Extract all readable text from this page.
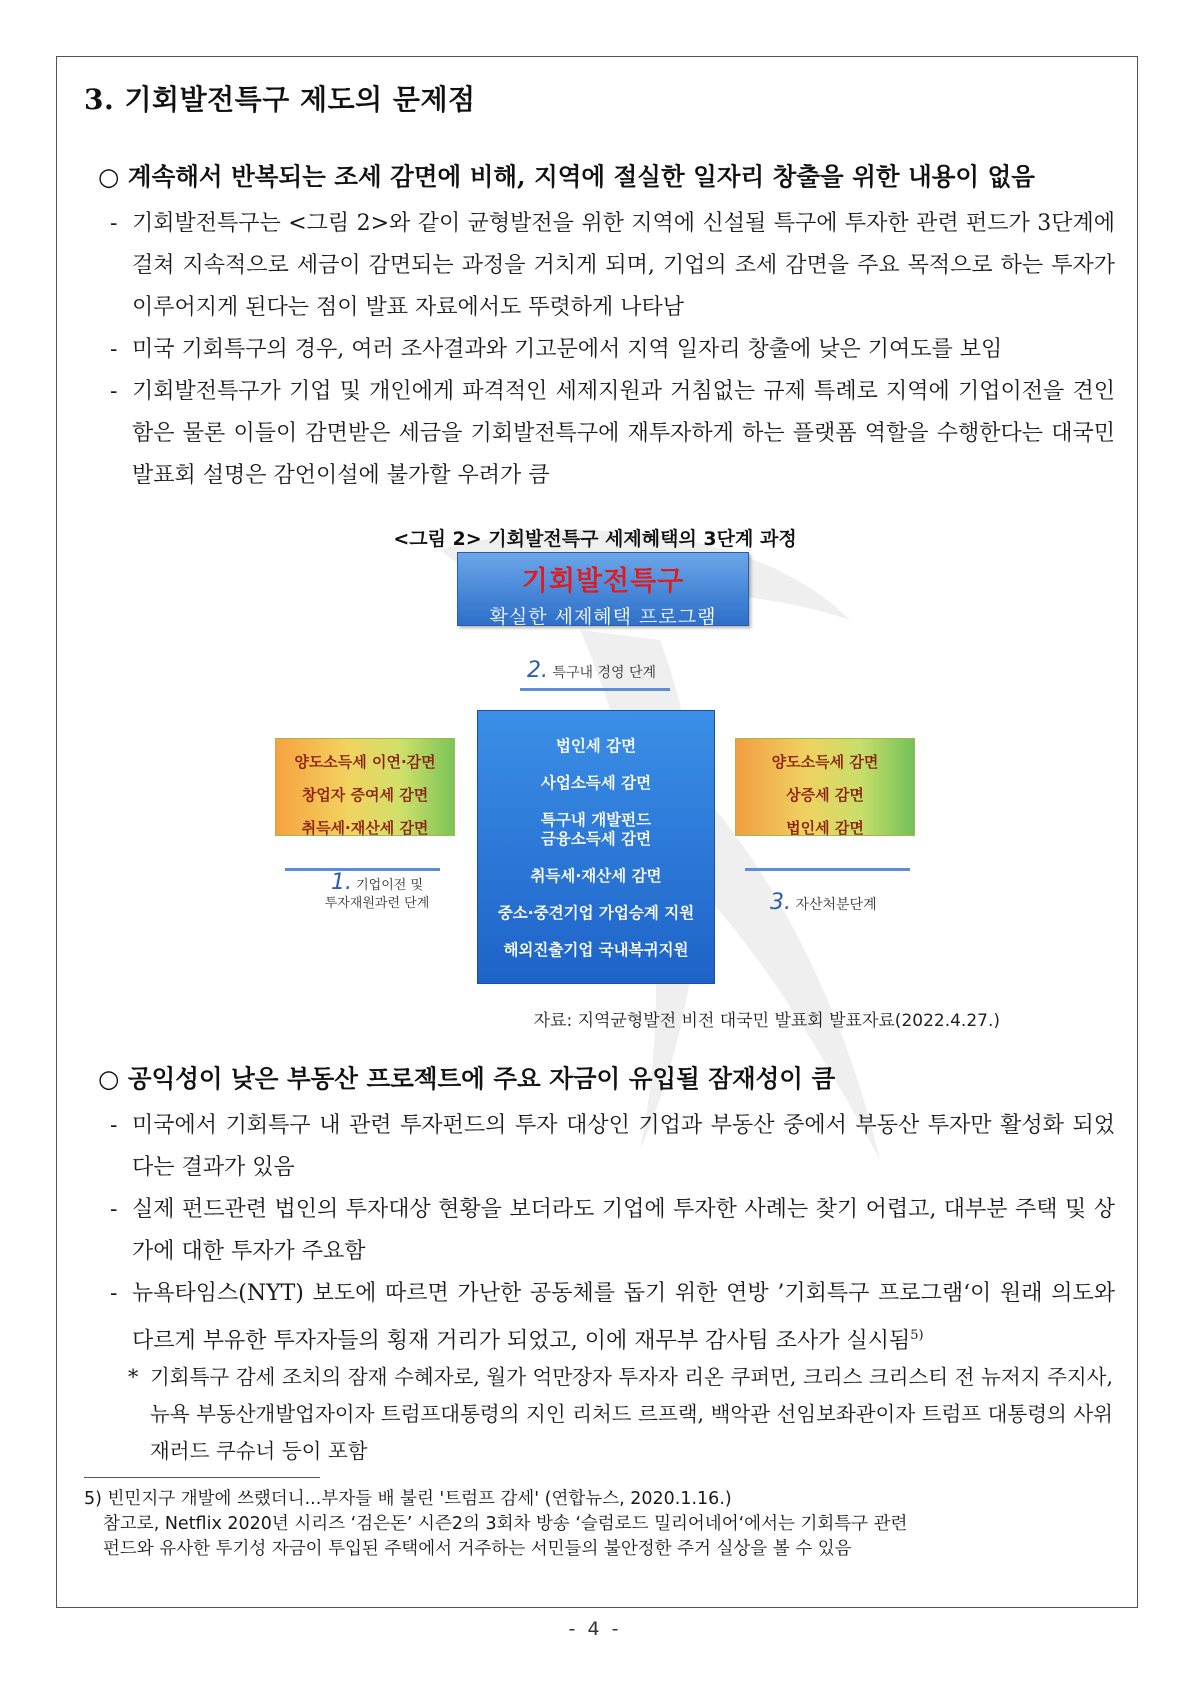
3. 기회발전특구 제도의 문제점
○ 계속해서 반복되는 조세 감면에 비해, 지역에 절실한 일자리 창출을 위한 내용이 없음
- 기회발전특구는 <그림 2>와 같이 균형발전을 위한 지역에 신설될 특구에 투자한 관련 펀드가 3단계에 걸쳐 지속적으로 세금이 감면되는 과정을 거치게 되며, 기업의 조세 감면을 주요 목적으로 하는 투자가 이루어지게 된다는 점이 발표 자료에서도 뚜렷하게 나타남
- 미국 기회특구의 경우, 여러 조사결과와 기고문에서 지역 일자리 창출에 낮은 기여도를 보임
- 기회발전특구가 기업 및 개인에게 파격적인 세제지원과 거침없는 규제 특례로 지역에 기업이전을 견인함은 물론 이들이 감면받은 세금을 기회발전특구에 재투자하게 하는 플랫폼 역할을 수행한다는 대국민 발표회 설명은 감언이설에 불가할 우려가 큼
<그림 2> 기회발전특구 세제혜택의 3단계 과정
기회발전특구
확실한 세제혜택 프로그램
2. 특구내 경영 단계
양도소득세 이연·감면
창업자 증여세 감면
취득세·재산세 감면
1. 기업이전 및
투자재원과련 단계
법인세 감면
사업소득세 감면
특구내 개발펀드
금융소득세 감면
취득세·재산세 감면
중소·중견기업 가업승계 지원
해외진출기업 국내복귀지원
양도소득세 감면
상증세 감면
법인세 감면
3. 자산처분단계
자료: 지역균형발전 비전 대국민 발표회 발표자료(2022.4.27.)
○ 공익성이 낮은 부동산 프로젝트에 주요 자금이 유입될 잠재성이 큼
- 미국에서 기회특구 내 관련 투자펀드의 투자 대상인 기업과 부동산 중에서 부동산 투자만 활성화 되었다는 결과가 있음
- 실제 펀드관련 법인의 투자대상 현황을 보더라도 기업에 투자한 사례는 찾기 어렵고, 대부분 주택 및 상가에 대한 투자가 주요함
- 뉴욕타임스(NYT) 보도에 따르면 가난한 공동체를 돕기 위한 연방 ’기회특구 프로그램‘이 원래 의도와 다르게 부유한 투자자들의 횡재 거리가 되었고, 이에 재무부 감사팀 조사가 실시됨$^{5)}$
* 기회특구 감세 조치의 잠재 수혜자로, 월가 억만장자 투자자 리온 쿠퍼먼, 크리스 크리스티 전 뉴저지 주지사, 뉴욕 부동산개발업자이자 트럼프대통령의 지인 리처드 르프랙, 백악관 선임보좌관이자 트럼프 대통령의 사위 재러드 쿠슈너 등이 포함
5) 빈민지구 개발에 쓰랬더니...부자들 배 불린 '트럼프 감세' (연합뉴스, 2020.1.16.)
참고로, Netflix 2020년 시리즈 ‘검은돈’ 시즌2의 3회차 방송 ‘슬럼로드 밀리어네어‘에서는 기회특구 관련
펀드와 유사한 투기성 자금이 투입된 주택에서 거주하는 서민들의 불안정한 주거 실상을 볼 수 있음
- 4 -
